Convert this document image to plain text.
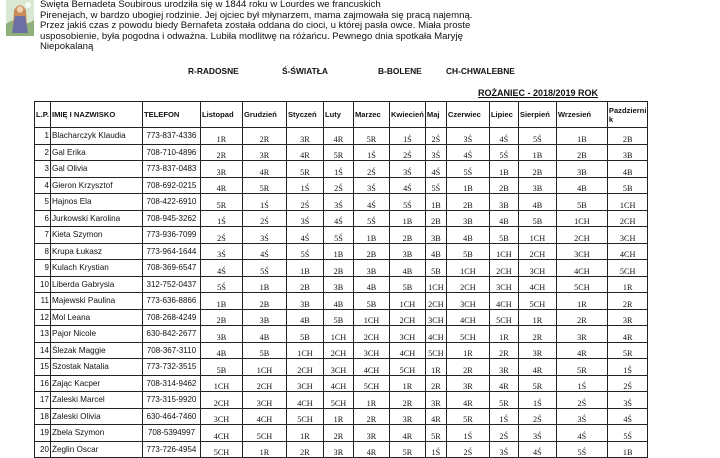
Święta Bernadeta Soubirous urodziła się w 1844 roku w Lourdes we francuskich

Pirenejach, w bardzo ubogiej rodzinie. Jej ojciec był młynarzem, mama zajmowała się pracą najemną.

Przez jakiś czas z powodu biedy Bernafeta została oddana do cioci, u której pasła owce. Miała proste

usposobienie, była pogodna i odważna. Lubiła modlitwę na różańcu. Pewnego dnia spotkała Maryję

Niepokalaną

R-RADOSNE	Ś-ŚWIATŁA	B-BOLENE	CH-CHWALEBNE
ROŻANIEC - 2018/2019 ROK
L.P.	IMIĘ I NAZWISKO	TELEFON	Listopad	Grudzień	Styczeń	Luty	Marzec	Kwiecień	Maj	Czerwiec	Lipiec	Sierpień	Wrzesień	Pazdzierni k
1	Blacharczyk Klaudia	773-837-4336	1R	2R	3R	4R	5R	1Ś	2Ś	3Ś	4Ś	5Ś	1B	2B
2	Gal Erika	708-710-4896	2R	3R	4R	5R	1Ś	2Ś	3Ś	4Ś	5Ś	1B	2B	3B
3	Gal Olivia	773-837-0483	3R	4R	5R	1Ś	2Ś	3Ś	4Ś	5Ś	1B	2B	3B	4B
4	Gieron Krzysztof	708-692-0215	4R	5R	1Ś	2Ś	3Ś	4Ś	5Ś	1B	2B	3B	4B	5B
5	Hajnos Ela	708-422-6910	5R	1Ś	2Ś	3Ś	4Ś	5Ś	1B	2B	3B	4B	5B	1CH
6	Jurkowski Karolina	708-945-3262	1Ś	2Ś	3Ś	4Ś	5Ś	1B	2B	3B	4B	5B	1CH	2CH
7	Kieta Szymon	773-936-7099	2Ś	3Ś	4Ś	5Ś	1B	2B	3B	4B	5B	1CH	2CH	3CH
8	Krupa Łukasz	773-964-1644	3Ś	4Ś	5Ś	1B	2B	3B	4B	5B	1CH	2CH	3CH	4CH
9	Kulach Krystian	708-369-6547	4Ś	5Ś	1B	2B	3B	4B	5B	1CH	2CH	3CH	4CH	5CH
10	Liberda Gabrysia	312-752-0437	5Ś	1B	2B	3B	4B	5B	1CH	2CH	3CH	4CH	5CH	1R
11	Majewski Paulina	773-636-8866	1B	2B	3B	4B	5B	1CH	2CH	3CH	4CH	5CH	1R	2R
12	Mol Leana	708-268-4249	2B	3B	4B	5B	1CH	2CH	3CH	4CH	5CH	1R	2R	3R
13	Pajor Nicole	630-842-2677	3B	4B	5B	1CH	2CH	3CH	4CH	5CH	1R	2R	3R	4R
14	Ślezak Maggie	708-367-3110	4B	5B	1CH	2CH	3CH	4CH	5CH	1R	2R	3R	4R	5R
15	Szostak Natalia	773-732-3515	5B	1CH	2CH	3CH	4CH	5CH	1R	2R	3R	4R	5R	1Ś
16	Zając Kacper	708-314-9462	1CH	2CH	3CH	4CH	5CH	1R	2R	3R	4R	5R	1Ś	2Ś
17	Zaleski Marcel	773-315-9920	2CH	3CH	4CH	5CH	1R	2R	3R	4R	5R	1Ś	2Ś	3Ś
18	Zaleski Olivia	630-464-7460	3CH	4CH	5CH	1R	2R	3R	4R	5R	1Ś	2Ś	3Ś	4Ś
19	Zbela Szymon	708-5394997	4CH	5CH	1R	2R	3R	4R	5R	1Ś	2Ś	3Ś	4Ś	5Ś
20	Żeglin Oscar	773-726-4954	5CH	1R	2R	3R	4R	5R	1Ś	2Ś	3Ś	4Ś	5Ś	1B
